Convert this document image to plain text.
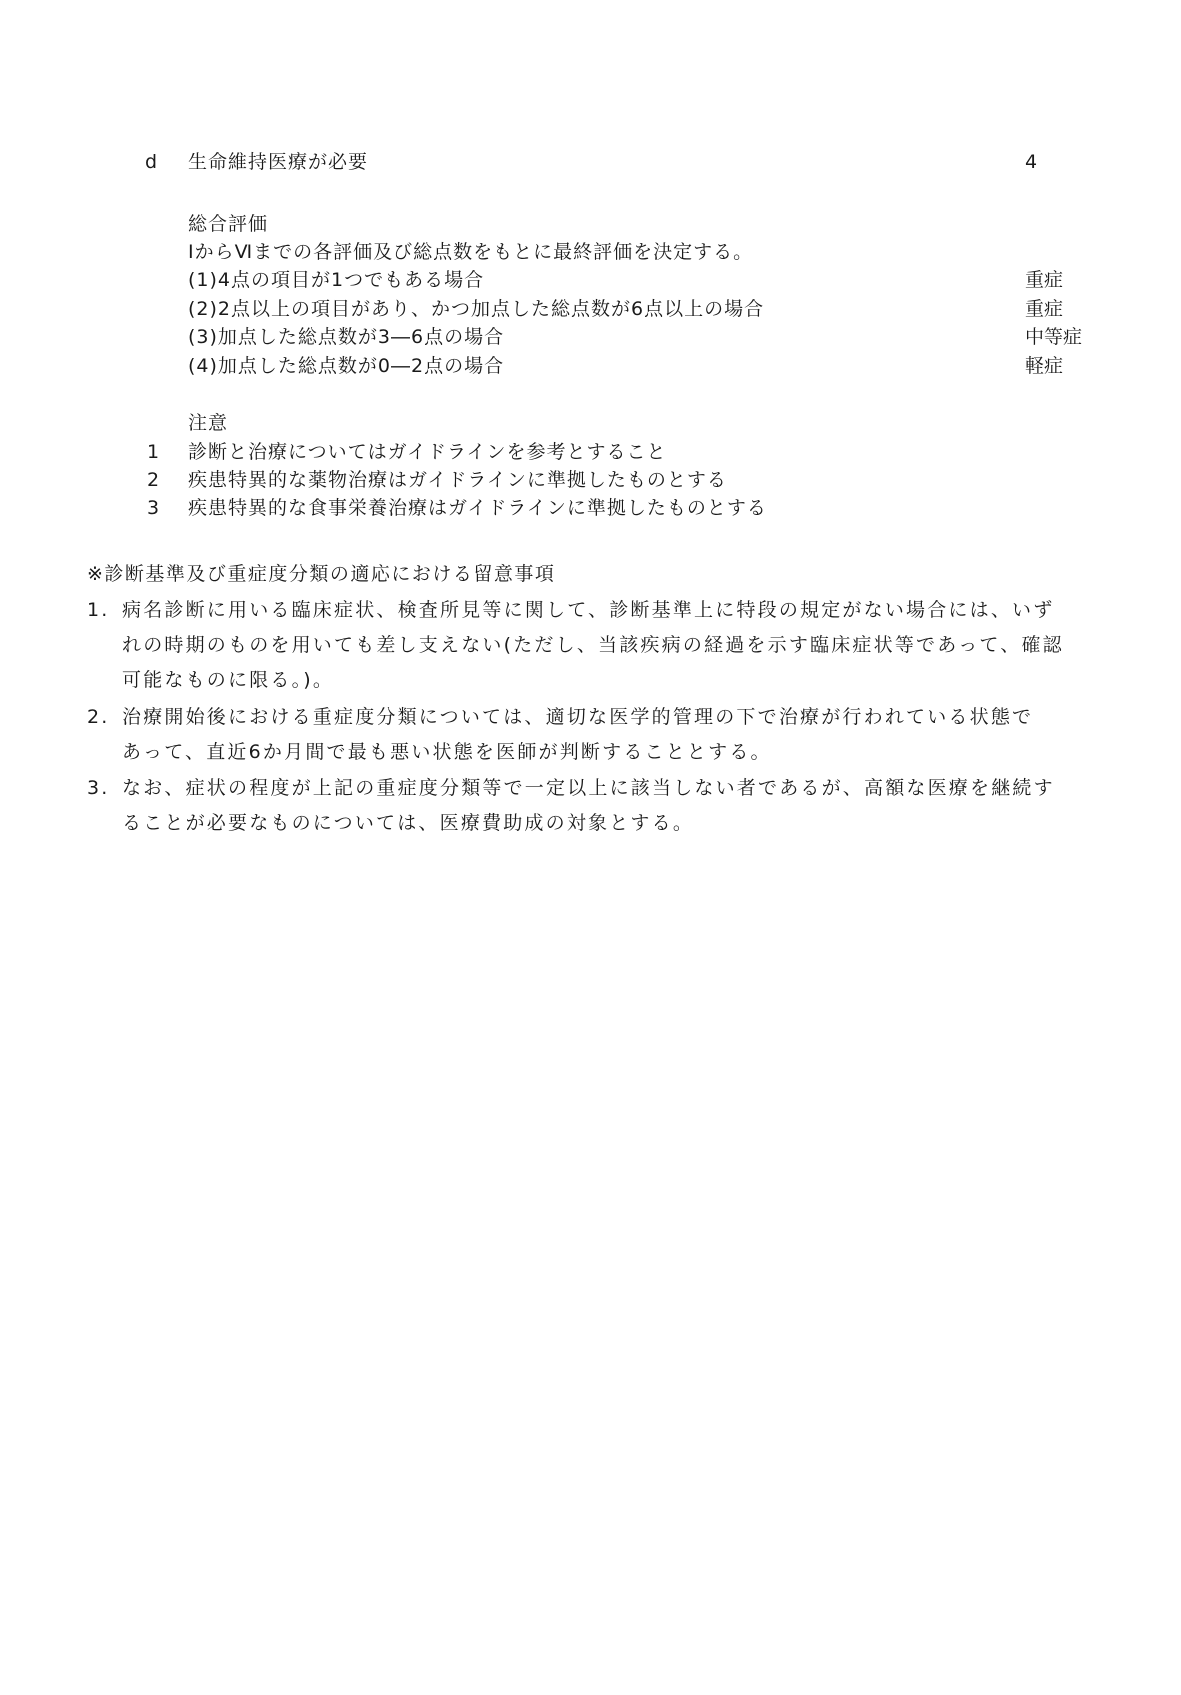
d 生命維持医療が必要	4
総合評価
ⅠからⅥまでの各評価及び総点数をもとに最終評価を決定する。
(1)4点の項目が1つでもある場合	重症
(2)2点以上の項目があり、かつ加点した総点数が6点以上の場合	重症
(3)加点した総点数が3―6点の場合	中等症
(4)加点した総点数が0―2点の場合	軽症
注意
1 診断と治療についてはガイドラインを参考とすること
2 疾患特異的な薬物治療はガイドラインに準拠したものとする
3 疾患特異的な食事栄養治療はガイドラインに準拠したものとする
※診断基準及び重症度分類の適応における留意事項
1. 病名診断に用いる臨床症状、検査所見等に関して、診断基準上に特段の規定がない場合には、いず
れの時期のものを用いても差し支えない(ただし、当該疾病の経過を示す臨床症状等であって、確認
可能なものに限る。)。
2. 治療開始後における重症度分類については、適切な医学的管理の下で治療が行われている状態で
あって、直近6か月間で最も悪い状態を医師が判断することとする。
3. なお、症状の程度が上記の重症度分類等で一定以上に該当しない者であるが、高額な医療を継続す
ることが必要なものについては、医療費助成の対象とする。
